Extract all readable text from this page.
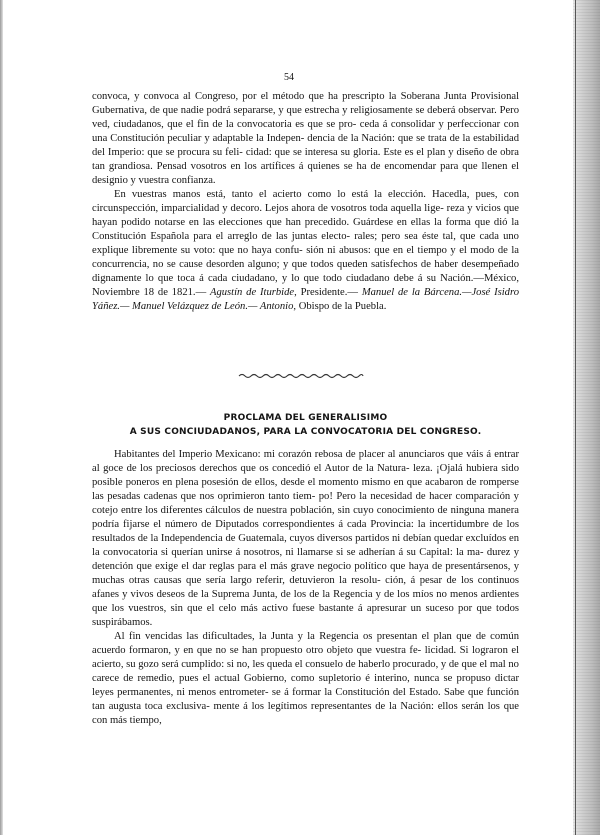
54

convoca, y convoca al Congreso, por el método que ha prescripto la Soberana Junta Provisional Gubernativa, de que nadie podrá separarse, y que estrecha y religiosamente se deberá observar. Pero ved, ciudadanos, que el fin de la convocatoria es que se pro- ceda á consolidar y perfeccionar con una Constitución peculiar y adaptable la Indepen- dencia de la Nación: que se trata de la estabilidad del Imperio: que se procura su feli- cidad: que se interesa su gloria. Este es el plan y diseño de obra tan grandiosa. Pensad vosotros en los artífices á quienes se ha de encomendar para que llenen el designio y vuestra confianza.

En vuestras manos está, tanto el acierto como lo está la elección. Hacedla, pues, con circunspección, imparcialidad y decoro. Lejos ahora de vosotros toda aquella lige- reza y vicios que hayan podido notarse en las elecciones que han precedido. Guárdese en ellas la forma que dió la Constitución Española para el arreglo de las juntas electo- rales; pero sea éste tal, que cada uno explique libremente su voto: que no haya confu- sión ni abusos: que en el tiempo y el modo de la concurrencia, no se cause desorden alguno; y que todos queden satisfechos de haber desempeñado dignamente lo que toca á cada ciudadano, y lo que todo ciudadano debe á su Nación.—México, Noviembre 18 de 1821.— Agustín de Iturbide, Presidente.— Manuel de la Bárcena.—José Isidro Yáñez.— Manuel Velázquez de León.— Antonio, Obispo de la Puebla.

PROCLAMA DEL GENERALISIMO
A SUS CONCIUDADANOS, PARA LA CONVOCATORIA DEL CONGRESO.

Habitantes del Imperio Mexicano: mi corazón rebosa de placer al anunciaros que váis á entrar al goce de los preciosos derechos que os concedió el Autor de la Natura- leza. ¡Ojalá hubiera sido posible poneros en plena posesión de ellos, desde el momento mismo en que acabaron de romperse las pesadas cadenas que nos oprimieron tanto tiem- po! Pero la necesidad de hacer comparación y cotejo entre los diferentes cálculos de nuestra población, sin cuyo conocimiento de ninguna manera podría fijarse el número de Diputados correspondientes á cada Provincia: la incertidumbre de los resultados de la Independencia de Guatemala, cuyos diversos partidos ni debían quedar excluídos en la convocatoria si querían unirse á nosotros, ni llamarse si se adherían á su Capital: la ma- durez y detención que exige el dar reglas para el más grave negocio político que haya de presentársenos, y muchas otras causas que sería largo referir, detuvieron la resolu- ción, á pesar de los continuos afanes y vivos deseos de la Suprema Junta, de los de la Regencia y de los míos no menos ardientes que los vuestros, sin que el celo más activo fuese bastante á apresurar un suceso por que todos suspirábamos.

Al fin vencidas las dificultades, la Junta y la Regencia os presentan el plan que de común acuerdo formaron, y en que no se han propuesto otro objeto que vuestra fe- licidad. Si lograron el acierto, su gozo será cumplido: si no, les queda el consuelo de haberlo procurado, y de que el mal no carece de remedio, pues el actual Gobierno, como supletorio é interino, nunca se propuso dictar leyes permanentes, ni menos entrometer- se á formar la Constitución del Estado. Sabe que función tan augusta toca exclusiva- mente á los legítimos representantes de la Nación: ellos serán los que con más tiempo,
